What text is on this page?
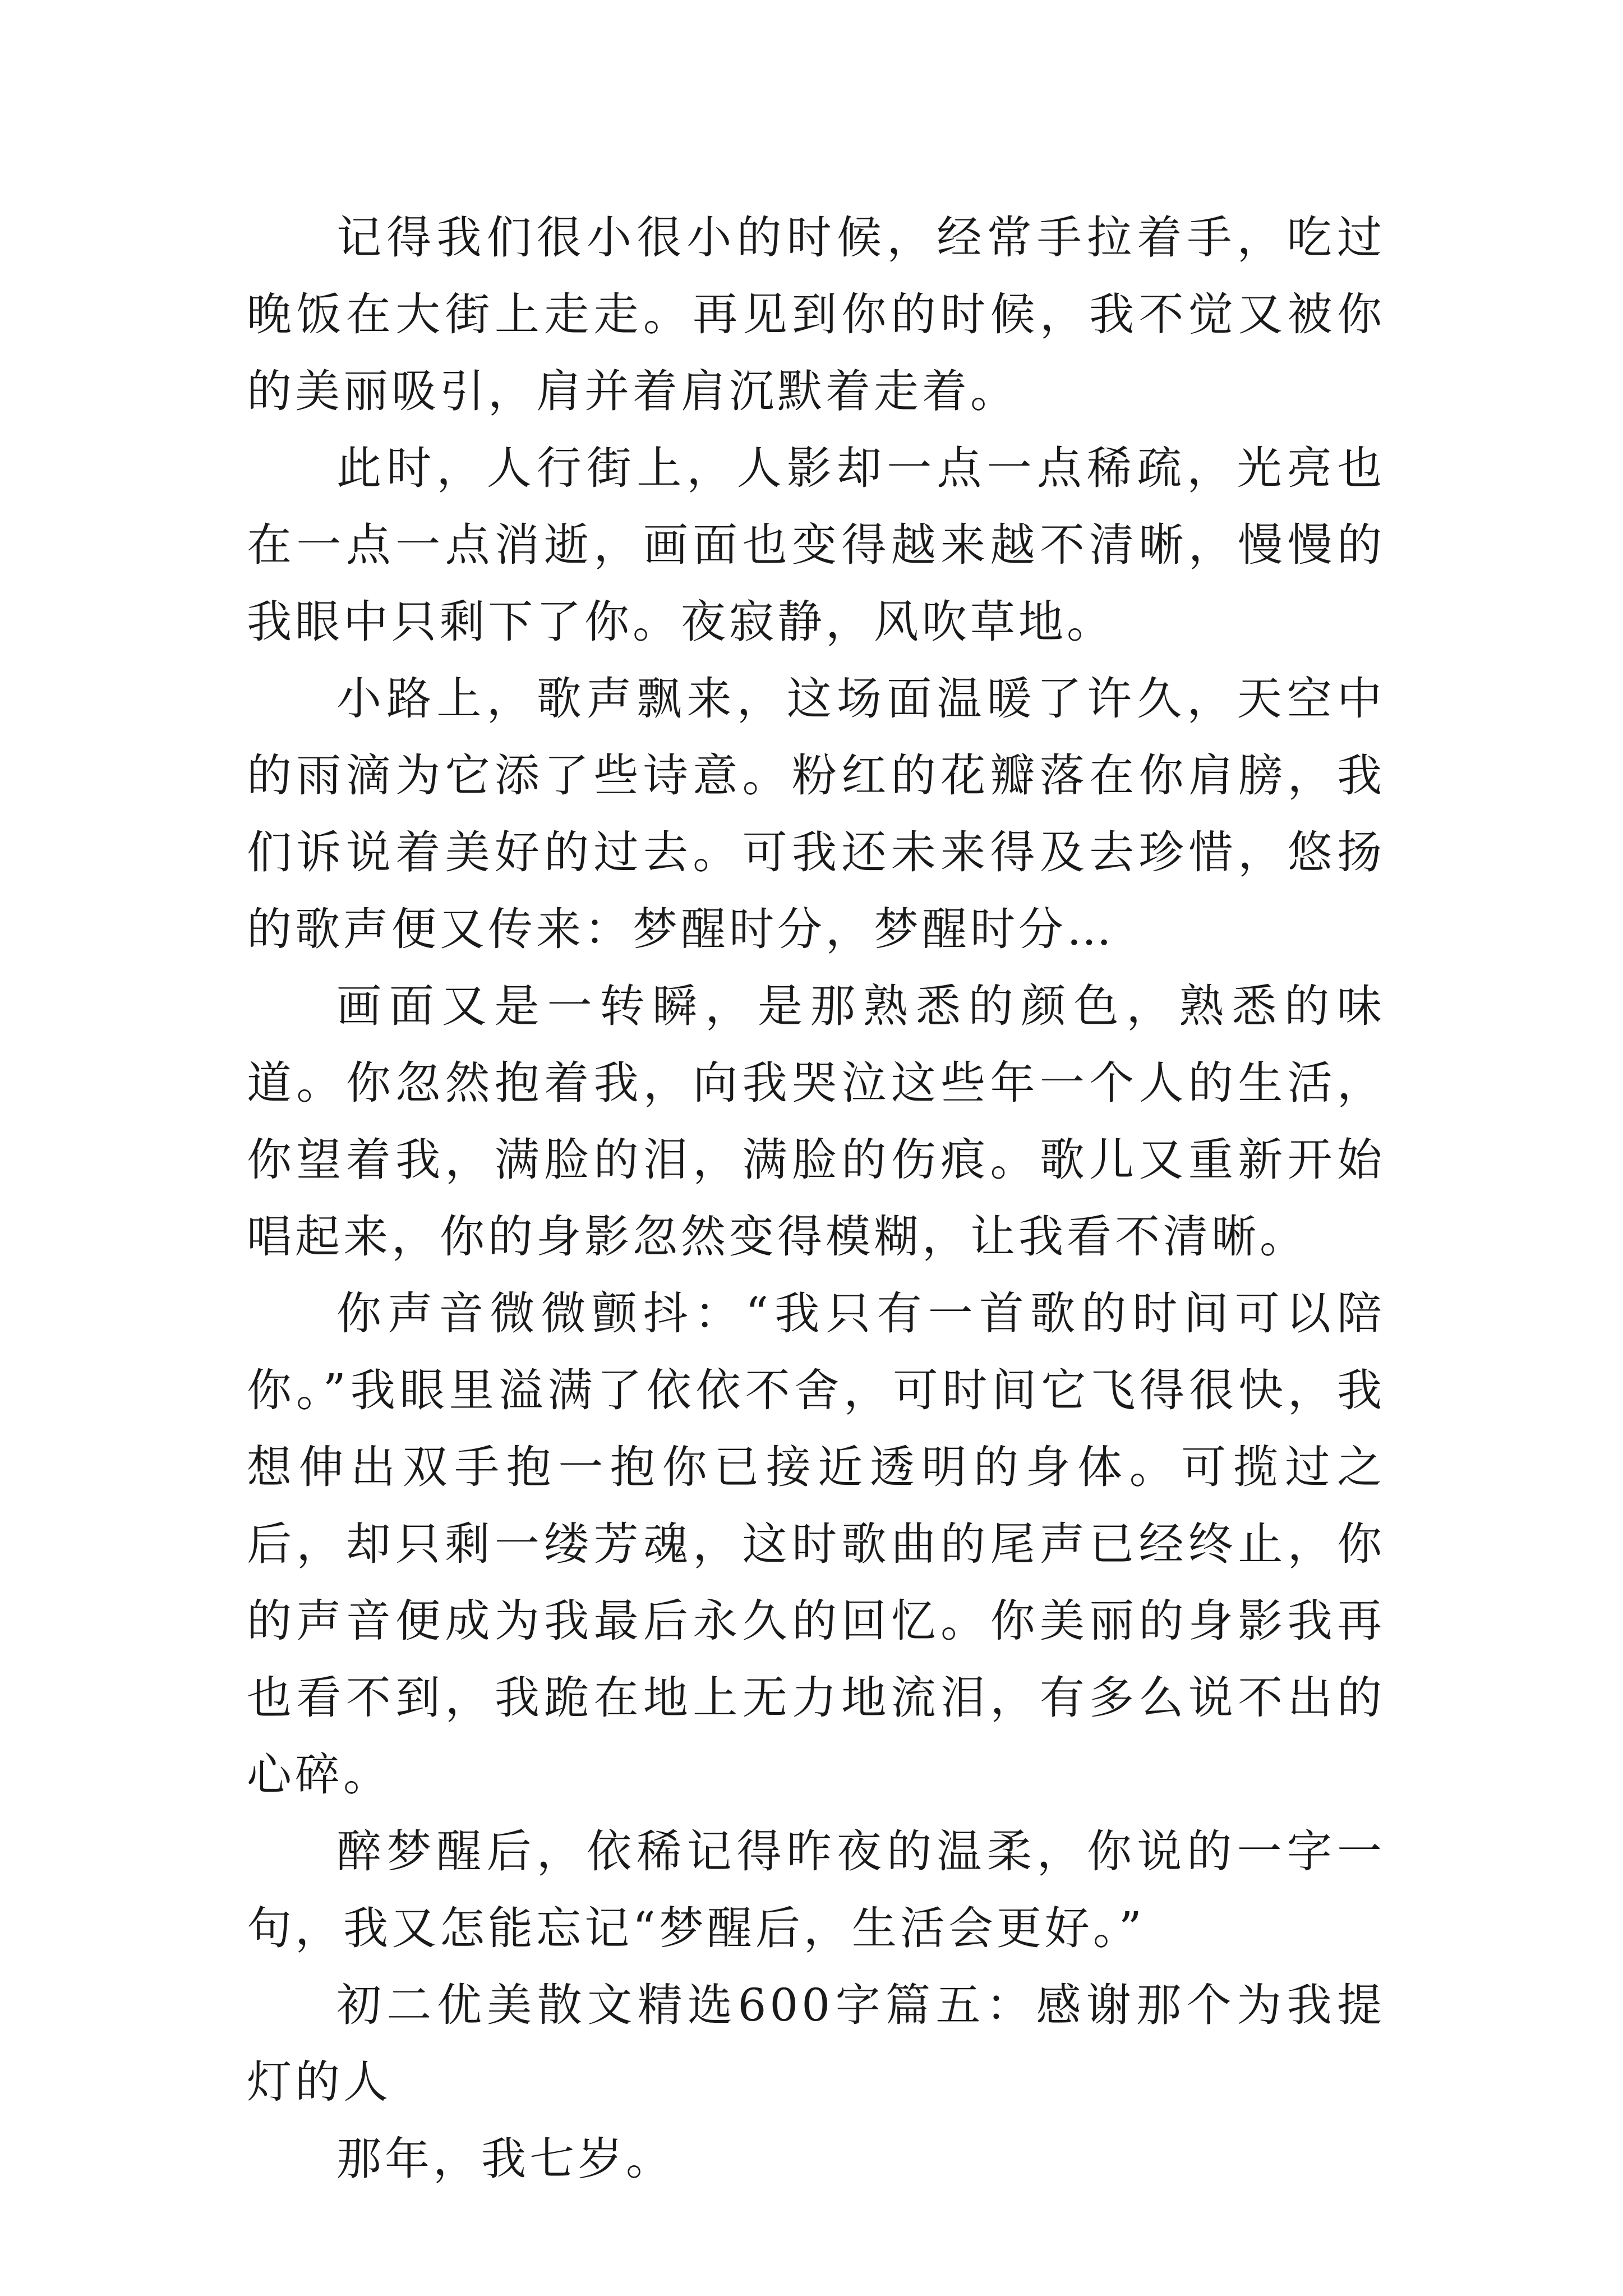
记得我们很小很小的时候，经常手拉着手，吃过晚饭在大街上走走。再见到你的时候，我不觉又被你的美丽吸引，肩并着肩沉默着走着。

此时，人行街上，人影却一点一点稀疏，光亮也在一点一点消逝，画面也变得越来越不清晰，慢慢的我眼中只剩下了你。夜寂静，风吹草地。

小路上，歌声飘来，这场面温暖了许久，天空中的雨滴为它添了些诗意。粉红的花瓣落在你肩膀，我们诉说着美好的过去。可我还未来得及去珍惜，悠扬的歌声便又传来：梦醒时分，梦醒时分…

画面又是一转瞬，是那熟悉的颜色，熟悉的味道。你忽然抱着我，向我哭泣这些年一个人的生活，你望着我，满脸的泪，满脸的伤痕。歌儿又重新开始唱起来，你的身影忽然变得模糊，让我看不清晰。

你声音微微颤抖：“我只有一首歌的时间可以陪你。”我眼里溢满了依依不舍，可时间它飞得很快，我想伸出双手抱一抱你已接近透明的身体。可揽过之后，却只剩一缕芳魂，这时歌曲的尾声已经终止，你的声音便成为我最后永久的回忆。你美丽的身影我再也看不到，我跪在地上无力地流泪，有多么说不出的心碎。

醉梦醒后，依稀记得昨夜的温柔，你说的一字一句，我又怎能忘记“梦醒后，生活会更好。”

初二优美散文精选600字篇五：感谢那个为我提灯的人

那年，我七岁。
